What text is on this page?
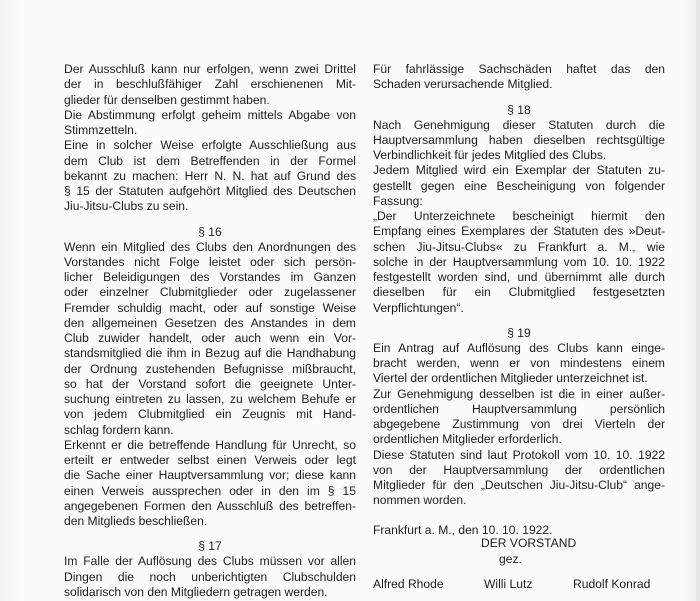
Der Ausschluß kann nur erfolgen, wenn zwei Drittel
der in beschlußfähiger Zahl erschienenen Mit-
glieder für denselben gestimmt haben.
Die Abstimmung erfolgt geheim mittels Abgabe von
Stimmzetteln.
Eine in solcher Weise erfolgte Ausschließung aus
dem Club ist dem Betreffenden in der Formel
bekannt zu machen: Herr N. N. hat auf Grund des
§ 15 der Statuten aufgehört Mitglied des Deutschen
Jiu-Jitsu-Clubs zu sein.
§ 16
Wenn ein Mitglied des Clubs den Anordnungen des
Vorstandes nicht Folge leistet oder sich persön-
licher Beleidigungen des Vorstandes im Ganzen
oder einzelner Clubmitglieder oder zugelassener
Fremder schuldig macht, oder auf sonstige Weise
den allgemeinen Gesetzen des Anstandes in dem
Club zuwider handelt, oder auch wenn ein Vor-
standsmitglied die ihm in Bezug auf die Handhabung
der Ordnung zustehenden Befugnisse mißbraucht,
so hat der Vorstand sofort die geeignete Unter-
suchung eintreten zu lassen, zu welchem Behufe er
von jedem Clubmitglied ein Zeugnis mit Hand-
schlag fordern kann.
Erkennt er die betreffende Handlung für Unrecht, so
erteilt er entweder selbst einen Verweis oder legt
die Sache einer Hauptversammlung vor; diese kann
einen Verweis aussprechen oder in den im § 15
angegebenen Formen den Ausschluß des betreffen-
den Mitglieds beschließen.
§ 17
Im Falle der Auflösung des Clubs müssen vor allen
Dingen die noch unberichtigten Clubschulden
solidarisch von den Mitgliedern getragen werden.
Für fahrlässige Sachschäden haftet das den
Schaden verursachende Mitglied.
§ 18
Nach Genehmigung dieser Statuten durch die
Hauptversammlung haben dieselben rechtsgültige
Verbindlichkeit für jedes Mitglied des Clubs.
Jedem Mitglied wird ein Exemplar der Statuten zu-
gestellt gegen eine Bescheinigung von folgender
Fassung:
„Der Unterzeichnete bescheinigt hiermit den
Empfang eines Exemplares der Statuten des »Deut-
schen Jiu-Jitsu-Clubs« zu Frankfurt a. M., wie
solche in der Hauptversammlung vom 10. 10. 1922
festgestellt worden sind, und übernimmt alle durch
dieselben für ein Clubmitglied festgesetzten
Verpflichtungen“.
§ 19
Ein Antrag auf Auflösung des Clubs kann einge-
bracht werden, wenn er von mindestens einem
Viertel der ordentlichen Mitglieder unterzeichnet ist.
Zur Genehmigung desselben ist die in einer außer-
ordentlichen Hauptversammlung persönlich
abgegebene Zustimmung von drei Vierteln der
ordentlichen Mitglieder erforderlich.
Diese Statuten sind laut Protokoll vom 10. 10. 1922
von der Hauptversammlung der ordentlichen
Mitglieder für den „Deutschen Jiu-Jitsu-Club“ ange-
nommen worden.
Frankfurt a. M., den 10. 10. 1922.
DER VORSTAND
gez.
Alfred Rhode	Willi Lutz	Rudolf Konrad
